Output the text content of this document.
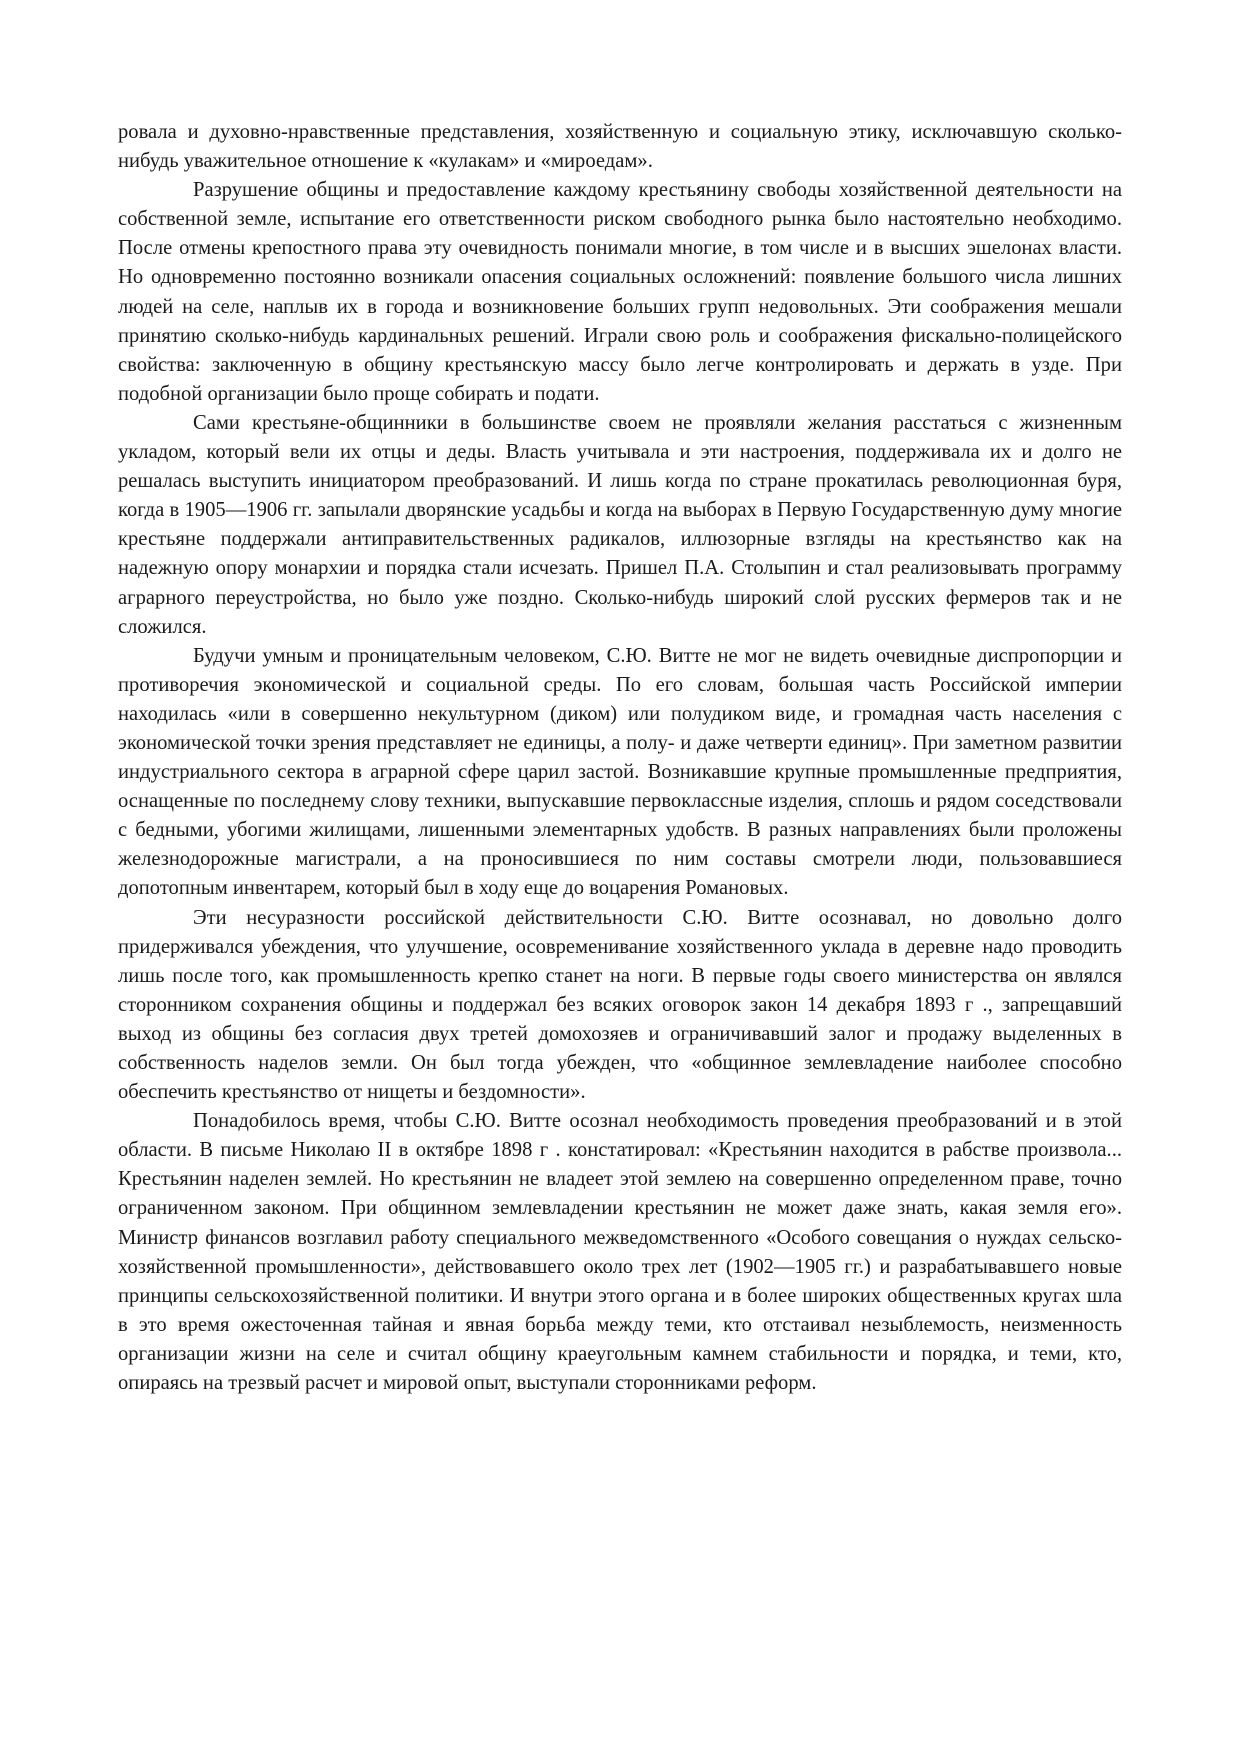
ровала и духовно-нравственные представления, хозяйственную и социальную этику, исключавшую сколько-нибудь уважительное отношение к «кулакам» и «мироедам».

Разрушение общины и предоставление каждому крестьянину свободы хозяйственной деятельности на собственной земле, испытание его ответственности риском свободного рынка было настоятельно необходимо. После отмены крепостного права эту очевидность понимали многие, в том числе и в высших эшелонах власти. Но одновременно постоянно возникали опасения социальных осложнений: появление большого числа лишних людей на селе, наплыв их в города и возникновение больших групп недовольных. Эти соображения мешали принятию сколько-нибудь кардинальных решений. Играли свою роль и соображения фискально-полицейского свойства: заключенную в общину крестьянскую массу было легче контролировать и держать в узде. При подобной организации было проще собирать и подати.

Сами крестьяне-общинники в большинстве своем не проявляли желания расстаться с жизненным укладом, который вели их отцы и деды. Власть учитывала и эти настроения, поддерживала их и долго не решалась выступить инициатором преобразований. И лишь когда по стране прокатилась революционная буря, когда в 1905—1906 гг. запылали дворянские усадьбы и когда на выборах в Первую Государственную думу многие крестьяне поддержали антиправительственных радикалов, иллюзорные взгляды на крестьянство как на надежную опору монархии и порядка стали исчезать. Пришел П.А. Столыпин и стал реализовывать программу аграрного переустройства, но было уже поздно. Сколько-нибудь широкий слой русских фермеров так и не сложился.

Будучи умным и проницательным человеком, С.Ю. Витте не мог не видеть очевидные диспропорции и противоречия экономической и социальной среды. По его словам, большая часть Российской империи находилась «или в совершенно некультурном (диком) или полудиком виде, и громадная часть населения с экономической точки зрения представляет не единицы, а полу- и даже четверти единиц». При заметном развитии индустриального сектора в аграрной сфере царил застой. Возникавшие крупные промышленные предприятия, оснащенные по последнему слову техники, выпускавшие первоклассные изделия, сплошь и рядом соседствовали с бедными, убогими жилищами, лишенными элементарных удобств. В разных направлениях были проложены железнодорожные магистрали, а на проносившиеся по ним составы смотрели люди, пользовавшиеся допотопным инвентарем, который был в ходу еще до воцарения Романовых.

Эти несуразности российской действительности С.Ю. Витте осознавал, но довольно долго придерживался убеждения, что улучшение, осовременивание хозяйственного уклада в деревне надо проводить лишь после того, как промышленность крепко станет на ноги. В первые годы своего министерства он являлся сторонником сохранения общины и поддержал без всяких оговорок закон 14 декабря 1893 г ., запрещавший выход из общины без согласия двух третей домохозяев и ограничивавший залог и продажу выделенных в собственность наделов земли. Он был тогда убежден, что «общинное землевладение наиболее способно обеспечить крестьянство от нищеты и бездомности».

Понадобилось время, чтобы С.Ю. Витте осознал необходимость проведения преобразований и в этой области. В письме Николаю II в октябре 1898 г . констатировал: «Крестьянин находится в рабстве произвола... Крестьянин наделен землей. Но крестьянин не владеет этой землею на совершенно определенном праве, точно ограниченном законом. При общинном землевладении крестьянин не может даже знать, какая земля его». Министр финансов возглавил работу специального межведомственного «Особого совещания о нуждах сельскохозяйственной промышленности», действовавшего около трех лет (1902—1905 гг.) и разрабатывавшего новые принципы сельскохозяйственной политики. И внутри этого органа и в более широких общественных кругах шла в это время ожесточенная тайная и явная борьба между теми, кто отстаивал незыблемость, неизменность организации жизни на селе и считал общину краеугольным камнем стабильности и порядка, и теми, кто, опираясь на трезвый расчет и мировой опыт, выступали сторонниками реформ.
